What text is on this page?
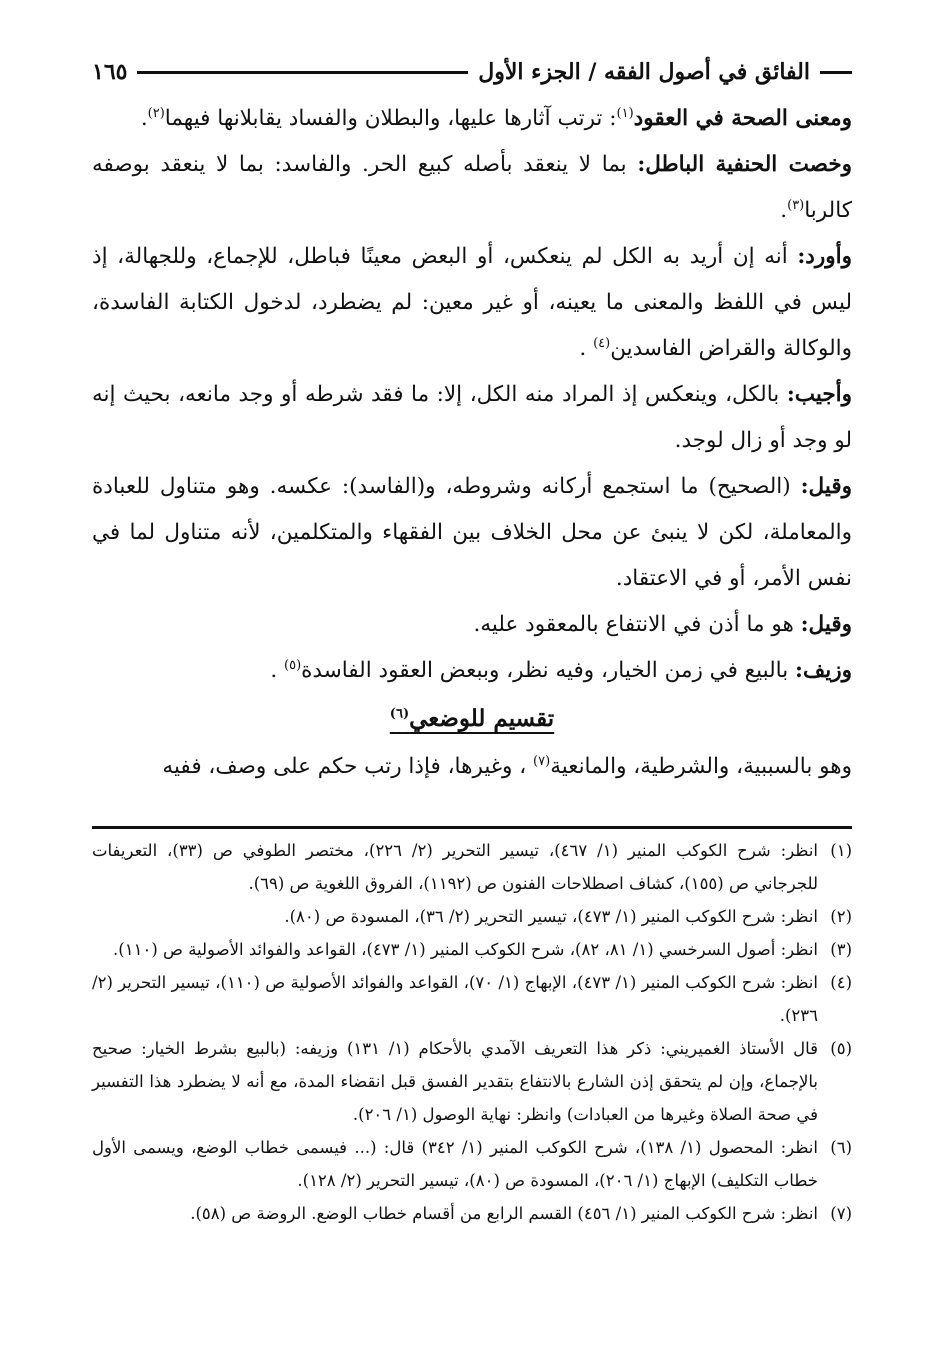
الفائق في أصول الفقه / الجزء الأول
١٦٥

ومعنى الصحة في العقود$^{(١)}$: ترتب آثارها عليها، والبطلان والفساد يقابلانها فيهما$^{(٢)}$.

وخصت الحنفية الباطل: بما لا ينعقد بأصله كبيع الحر. والفاسد: بما لا ينعقد بوصفه كالربا$^{(٣)}$.

وأورد: أنه إن أريد به الكل لم ينعكس، أو البعض معينًا فباطل، للإجماع، وللجهالة، إذ ليس في اللفظ والمعنى ما يعينه، أو غير معين: لم يضطرد، لدخول الكتابة الفاسدة، والوكالة والقراض الفاسدين$^{(٤)}$ .

وأجيب: بالكل، وينعكس إذ المراد منه الكل، إلا: ما فقد شرطه أو وجد مانعه، بحيث إنه لو وجد أو زال لوجد.

وقيل: (الصحيح) ما استجمع أركانه وشروطه، و(الفاسد): عكسه. وهو متناول للعبادة والمعاملة، لكن لا ينبئ عن محل الخلاف بين الفقهاء والمتكلمين، لأنه متناول لما في نفس الأمر، أو في الاعتقاد.

وقيل: هو ما أذن في الانتفاع بالمعقود عليه.

وزيف: بالبيع في زمن الخيار، وفيه نظر، وببعض العقود الفاسدة$^{(٥)}$ .

تقسيم للوضعي$^{(٦)}$

وهو بالسببية، والشرطية، والمانعية$^{(٧)}$ ، وغيرها، فإذا رتب حكم على وصف، ففيه

(١)
انظر: شرح الكوكب المنير (١/ ٤٦٧)، تيسير التحرير (٢/ ٢٢٦)، مختصر الطوفي ص (٣٣)، التعريفات للجرجاني ص (١٥٥)، كشاف اصطلاحات الفنون ص (١١٩٢)، الفروق اللغوية ص (٦٩).

(٢)
انظر: شرح الكوكب المنير (١/ ٤٧٣)، تيسير التحرير (٢/ ٣٦)، المسودة ص (٨٠).

(٣)
انظر: أصول السرخسي (١/ ٨١، ٨٢)، شرح الكوكب المنير (١/ ٤٧٣)، القواعد والفوائد الأصولية ص (١١٠).

(٤)
انظر: شرح الكوكب المنير (١/ ٤٧٣)، الإبهاج (١/ ٧٠)، القواعد والفوائد الأصولية ص (١١٠)، تيسير التحرير (٢/ ٢٣٦).

(٥)
قال الأستاذ الغميريني: ذكر هذا التعريف الآمدي بالأحكام (١/ ١٣١) وزيفه: (بالبيع بشرط الخيار: صحيح بالإجماع، وإن لم يتحقق إذن الشارع بالانتفاع بتقدير الفسق قبل انقضاء المدة، مع أنه لا يضطرد هذا التفسير في صحة الصلاة وغيرها من العبادات) وانظر: نهاية الوصول (١/ ٢٠٦).

(٦)
انظر: المحصول (١/ ١٣٨)، شرح الكوكب المنير (١/ ٣٤٢) قال: (... فيسمى خطاب الوضع، ويسمى الأول خطاب التكليف) الإبهاج (١/ ٢٠٦)، المسودة ص (٨٠)، تيسير التحرير (٢/ ١٢٨).

(٧)
انظر: شرح الكوكب المنير (١/ ٤٥٦) القسم الرابع من أقسام خطاب الوضع. الروضة ص (٥٨).
